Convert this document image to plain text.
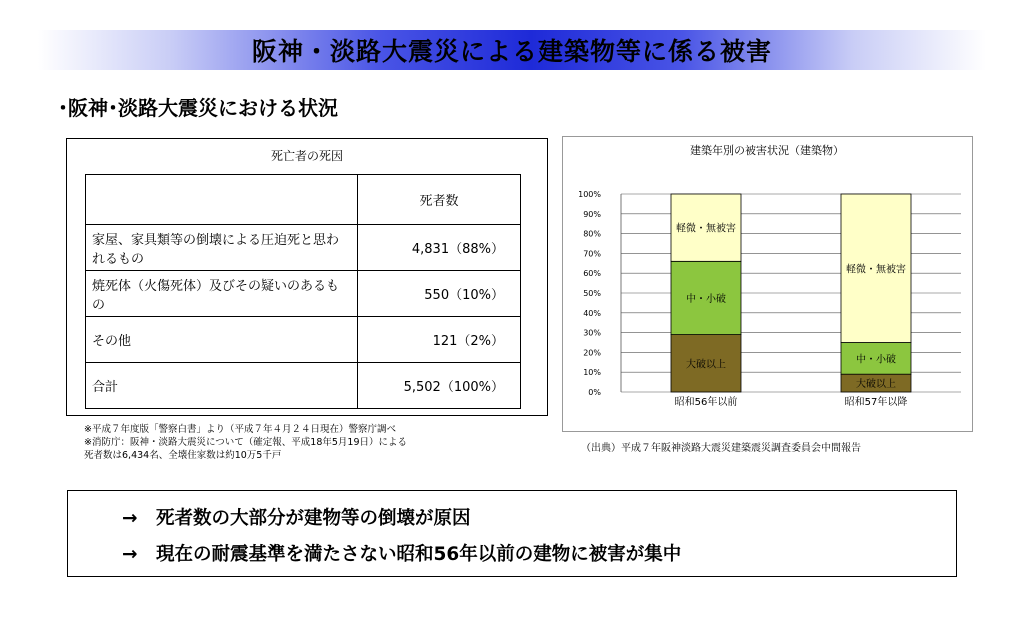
阪神・淡路大震災による建築物等に係る被害
･阪神･淡路大震災における状況
死亡者の死因
	死者数
家屋、家具類等の倒壊による圧迫死と思われるもの	4,831（88%）
焼死体（火傷死体）及びその疑いのあるもの	550（10%）
その他	121（2%）
合計	5,502（100%）
※平成７年度版「警察白書」より（平成７年４月２４日現在）警察庁調べ
※消防庁：阪神・淡路大震災について（確定報、平成18年5月19日）による
死者数は6,434名、全壊住家数は約10万5千戸
建築年別の被害状況（建築物）
0%
10%
20%
30%
40%
50%
60%
70%
80%
90%
100%
大破以上
中・小破
軽微・無被害
昭和56年以前
大破以上
中・小破
軽微・無被害
昭和57年以降
（出典）平成７年阪神淡路大震災建築震災調査委員会中間報告
→ 死者数の大部分が建物等の倒壊が原因
→ 現在の耐震基準を満たさない昭和56年以前の建物に被害が集中
